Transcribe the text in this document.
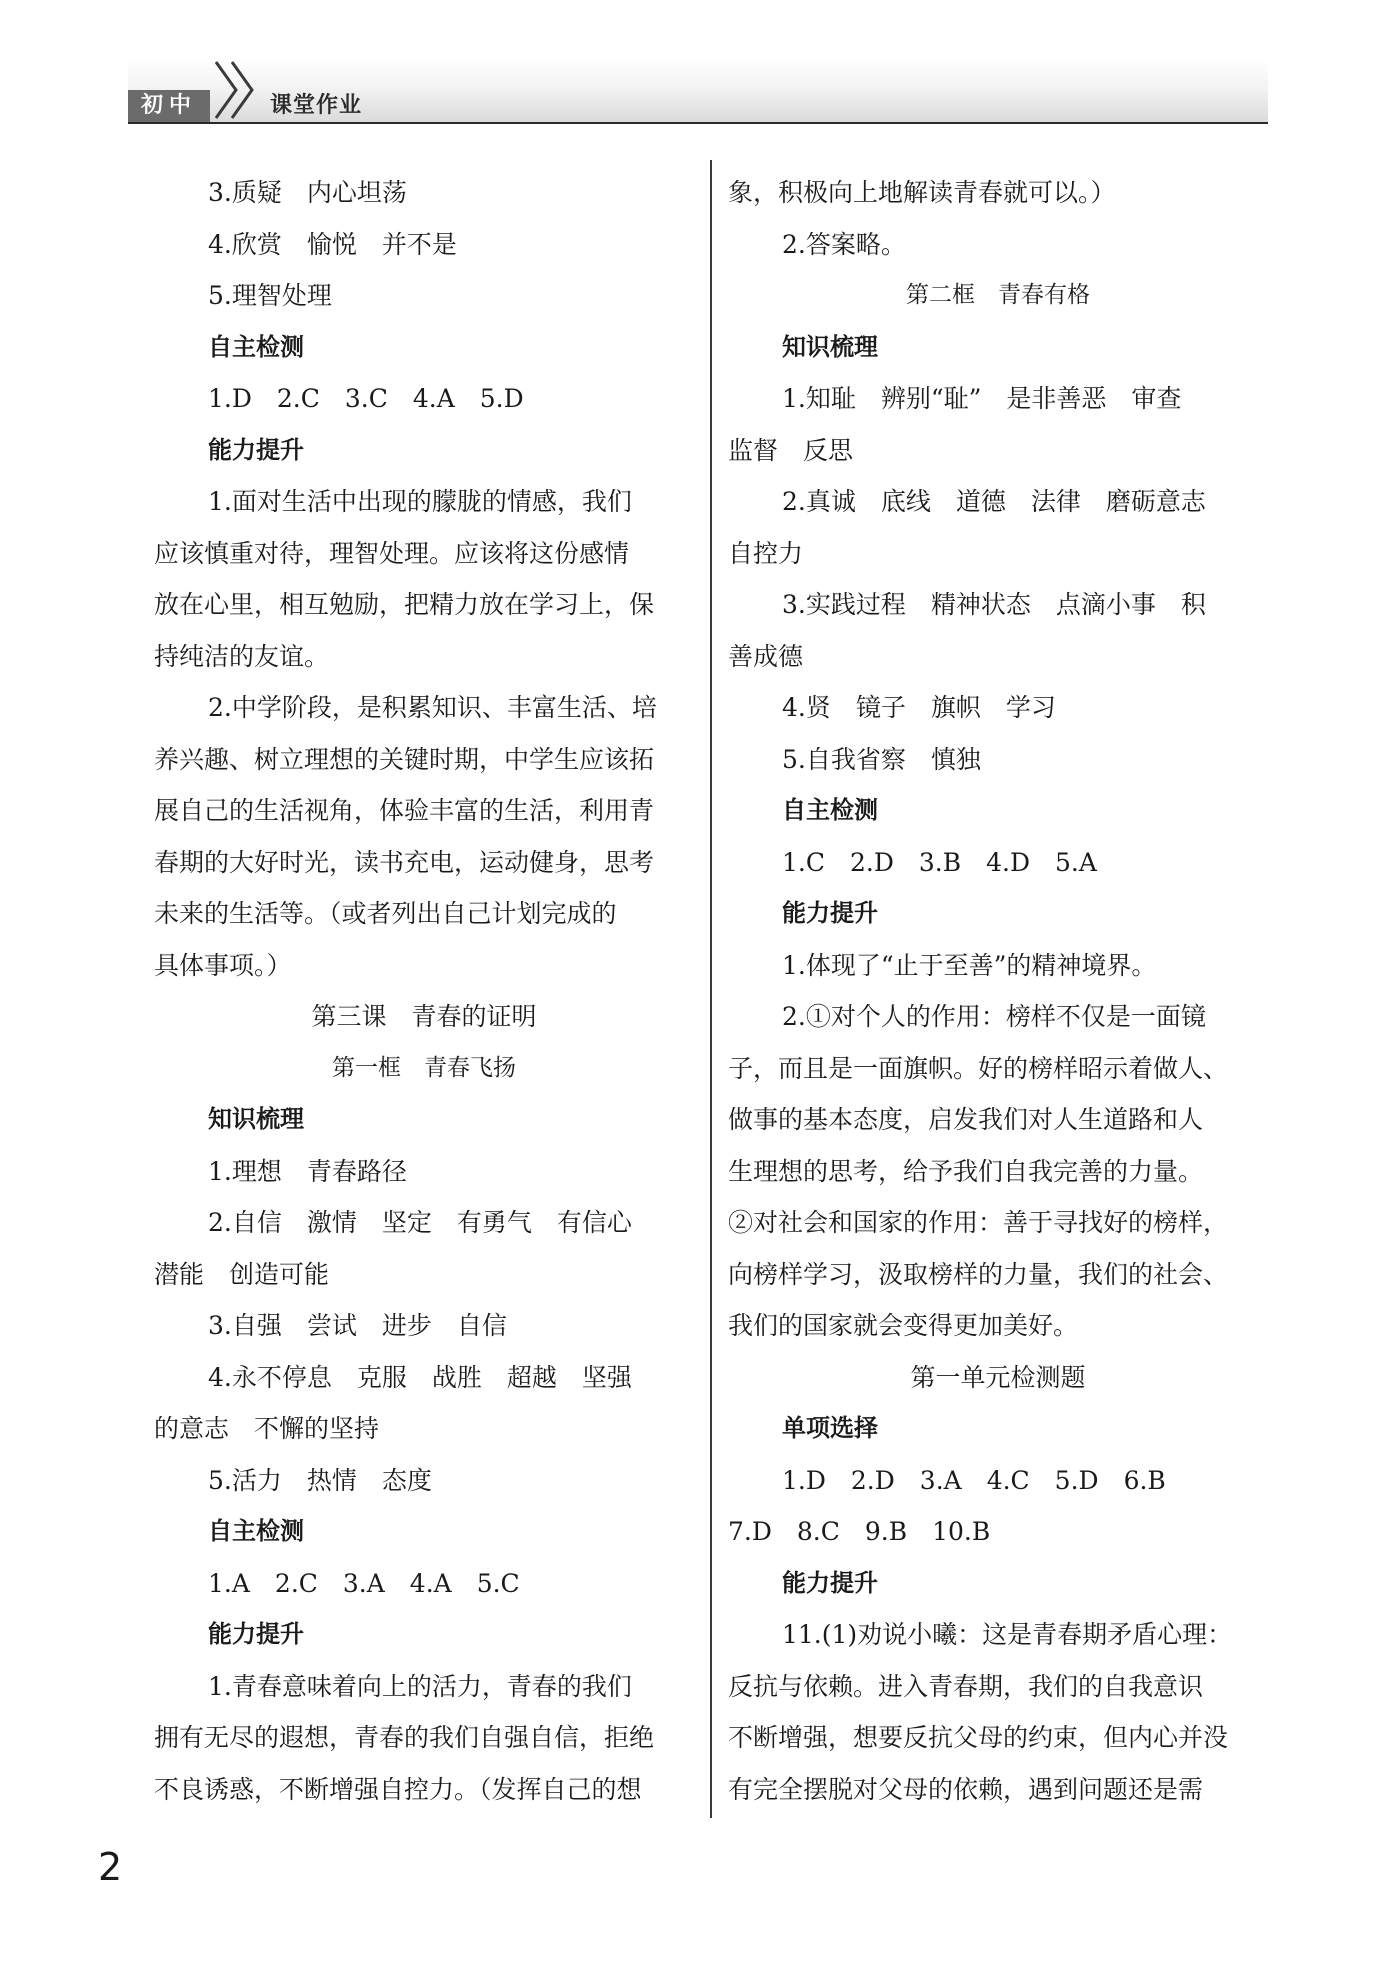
初中	课堂作业

3.质疑　内心坦荡

4.欣赏　愉悦　并不是

5.理智处理

自主检测

1.D　2.C　3.C　4.A　5.D

能力提升

1.面对生活中出现的朦胧的情感，我们

应该慎重对待，理智处理。应该将这份感情

放在心里，相互勉励，把精力放在学习上，保

持纯洁的友谊。

2.中学阶段，是积累知识、丰富生活、培

养兴趣、树立理想的关键时期，中学生应该拓

展自己的生活视角，体验丰富的生活，利用青

春期的大好时光，读书充电，运动健身，思考

未来的生活等。（或者列出自己计划完成的

具体事项。）

第三课　青春的证明

第一框　青春飞扬

知识梳理

1.理想　青春路径

2.自信　激情　坚定　有勇气　有信心

潜能　创造可能

3.自强　尝试　进步　自信

4.永不停息　克服　战胜　超越　坚强

的意志　不懈的坚持

5.活力　热情　态度

自主检测

1.A　2.C　3.A　4.A　5.C

能力提升

1.青春意味着向上的活力，青春的我们

拥有无尽的遐想，青春的我们自强自信，拒绝

不良诱惑，不断增强自控力。（发挥自己的想

象，积极向上地解读青春就可以。）

2.答案略。

第二框　青春有格

知识梳理

1.知耻　辨别“耻”　是非善恶　审查

监督　反思

2.真诚　底线　道德　法律　磨砺意志

自控力

3.实践过程　精神状态　点滴小事　积

善成德

4.贤　镜子　旗帜　学习

5.自我省察　慎独

自主检测

1.C　2.D　3.B　4.D　5.A

能力提升

1.体现了“止于至善”的精神境界。

2.①对个人的作用：榜样不仅是一面镜

子，而且是一面旗帜。好的榜样昭示着做人、

做事的基本态度，启发我们对人生道路和人

生理想的思考，给予我们自我完善的力量。

②对社会和国家的作用：善于寻找好的榜样，

向榜样学习，汲取榜样的力量，我们的社会、

我们的国家就会变得更加美好。

第一单元检测题

单项选择

1.D　2.D　3.A　4.C　5.D　6.B

7.D　8.C　9.B　10.B

能力提升

11.(1)劝说小曦：这是青春期矛盾心理：

反抗与依赖。进入青春期，我们的自我意识

不断增强，想要反抗父母的约束，但内心并没

有完全摆脱对父母的依赖，遇到问题还是需

2
